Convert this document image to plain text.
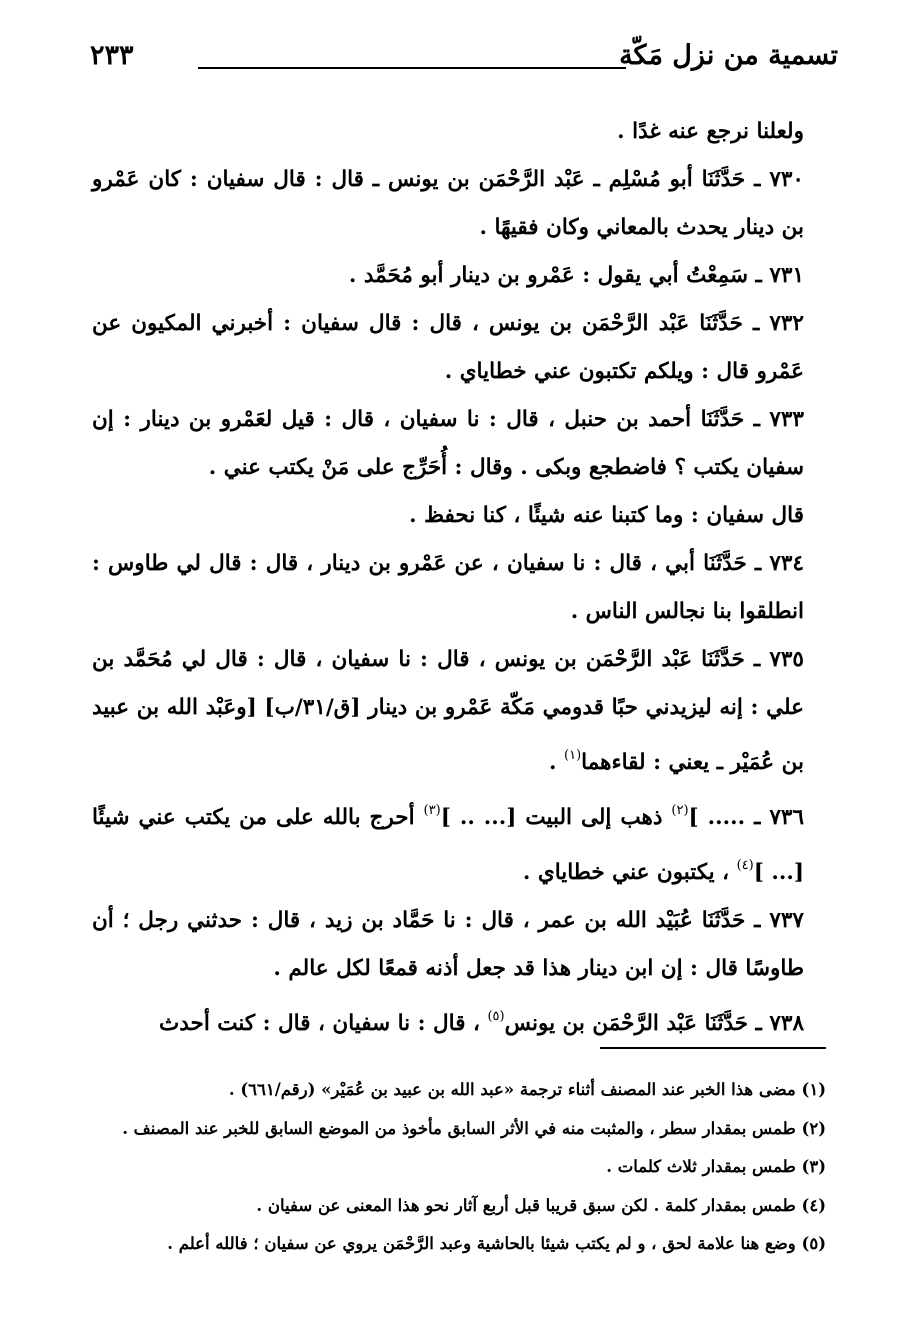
تسمية من نزل مَكّة
٢٣٣

ولعلنا نرجع عنه غدًا .

٧٣٠ ـ حَدَّثَنَا أبو مُسْلِم ـ عَبْد الرَّحْمَن بن يونس ـ قال : قال سفيان : كان عَمْرو بن دينار يحدث بالمعاني وكان فقيهًا .

٧٣١ ـ سَمِعْتُ أبي يقول : عَمْرو بن دينار أبو مُحَمَّد .

٧٣٢ ـ حَدَّثَنَا عَبْد الرَّحْمَن بن يونس ، قال : قال سفيان : أخبرني المكيون عن عَمْرو قال : ويلكم تكتبون عني خطاياي .

٧٣٣ ـ حَدَّثَنَا أحمد بن حنبل ، قال : نا سفيان ، قال : قيل لعَمْرو بن دينار : إن سفيان يكتب ؟ فاضطجع وبكى . وقال : أُحَرِّج على مَنْ يكتب عني .

قال سفيان : وما كتبنا عنه شيئًا ، كنا نحفظ .

٧٣٤ ـ حَدَّثَنَا أبي ، قال : نا سفيان ، عن عَمْرو بن دينار ، قال : قال لي طاوس : انطلقوا بنا نجالس الناس .

٧٣٥ ـ حَدَّثَنَا عَبْد الرَّحْمَن بن يونس ، قال : نا سفيان ، قال : قال لي مُحَمَّد بن علي : إنه ليزيدني حبًا قدومي مَكّة عَمْرو بن دينار [ق/٣١/ب] [وعَبْد الله بن عبيد بن عُمَيْر ـ يعني : لقاءهما$^{(١)}$ .

٧٣٦ ـ ..... ]$^{(٢)}$ ذهب إلى البيت [... .. ]$^{(٣)}$ أحرج بالله على من يكتب عني شيئًا [... ]$^{(٤)}$ ، يكتبون عني خطاياي .

٧٣٧ ـ حَدَّثَنَا عُبَيْد الله بن عمر ، قال : نا حَمَّاد بن زيد ، قال : حدثني رجل ؛ أن طاوسًا قال : إن ابن دينار هذا قد جعل أذنه قمعًا لكل عالم .

٧٣٨ ـ حَدَّثَنَا عَبْد الرَّحْمَن بن يونس$^{(٥)}$ ، قال : نا سفيان ، قال : كنت أحدث

(١) مضى هذا الخبر عند المصنف أثناء ترجمة «عبد الله بن عبيد بن عُمَيْر» (رقم/٦٦١) .

(٢) طمس بمقدار سطر ، والمثبت منه في الأثر السابق مأخوذ من الموضع السابق للخبر عند المصنف .

(٣) طمس بمقدار ثلاث كلمات .

(٤) طمس بمقدار كلمة . لكن سبق قريبا قبل أربع آثار نحو هذا المعنى عن سفيان .

(٥) وضع هنا علامة لحق ، و لم يكتب شيئا بالحاشية وعبد الرَّحْمَن يروي عن سفيان ؛ فالله أعلم .
